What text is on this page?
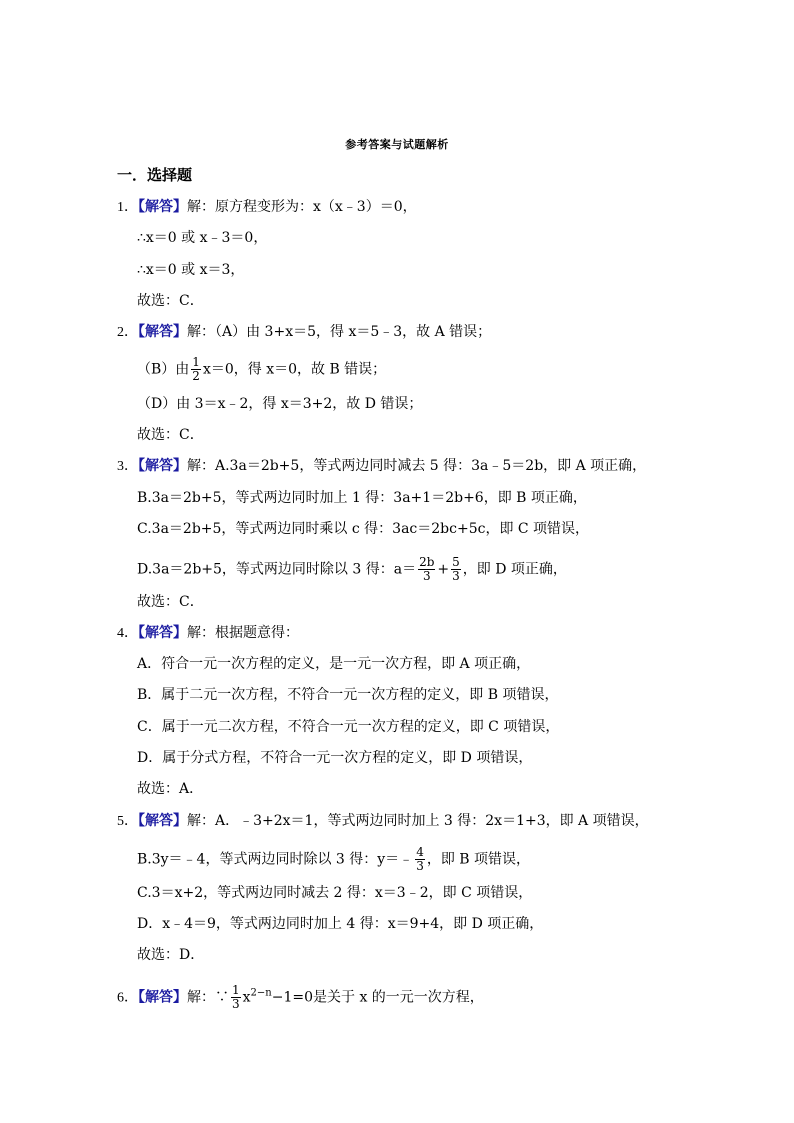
参考答案与试题解析
一．选择题
1．【解答】解：原方程变形为：x（x﹣3）＝0，
∴x＝0 或 x﹣3＝0，
∴x＝0 或 x＝3，
故选：C．
2．【解答】解：（A）由 3+x＝5，得 x＝5﹣3，故 A 错误；
（B）由 $\frac{1}{2} x=0$，得 x＝0，故 B 错误；
（D）由 3＝x﹣2，得 x＝3+2，故 D 错误；
故选：C．
3．【解答】解：A.3a＝2b+5，等式两边同时减去 5 得：3a﹣5＝2b，即 A 项正确，
B.3a＝2b+5，等式两边同时加上 1 得：3a+1＝2b+6，即 B 项正确，
C.3a＝2b+5，等式两边同时乘以 c 得：3ac＝2bc+5c，即 C 项错误，
D.3a＝2b+5，等式两边同时除以 3 得：$a= \frac{2b}{3} + \frac{5}{3}$ ，即 D 项正确，
故选：C．
4．【解答】解：根据题意得：
A．符合一元一次方程的定义，是一元一次方程，即 A 项正确，
B．属于二元一次方程，不符合一元一次方程的定义，即 B 项错误，
C．属于一元二次方程，不符合一元一次方程的定义，即 C 项错误，
D．属于分式方程，不符合一元一次方程的定义，即 D 项错误，
故选：A．
5．【解答】解：A．﹣3+2x＝1，等式两边同时加上 3 得：2x＝1+3，即 A 项错误，
B.3y＝﹣4，等式两边同时除以 3 得：y＝﹣ $\frac{4}{3}$ ，即 B 项错误，
C.3＝x+2，等式两边同时减去 2 得：x＝3﹣2，即 C 项错误，
D．x﹣4＝9，等式两边同时加上 4 得：x＝9+4，即 D 项正确，
故选：D．
6．【解答】解：∵ $\frac{1}{3} x^{2-n}-1=0$是关于 x 的一元一次方程，
